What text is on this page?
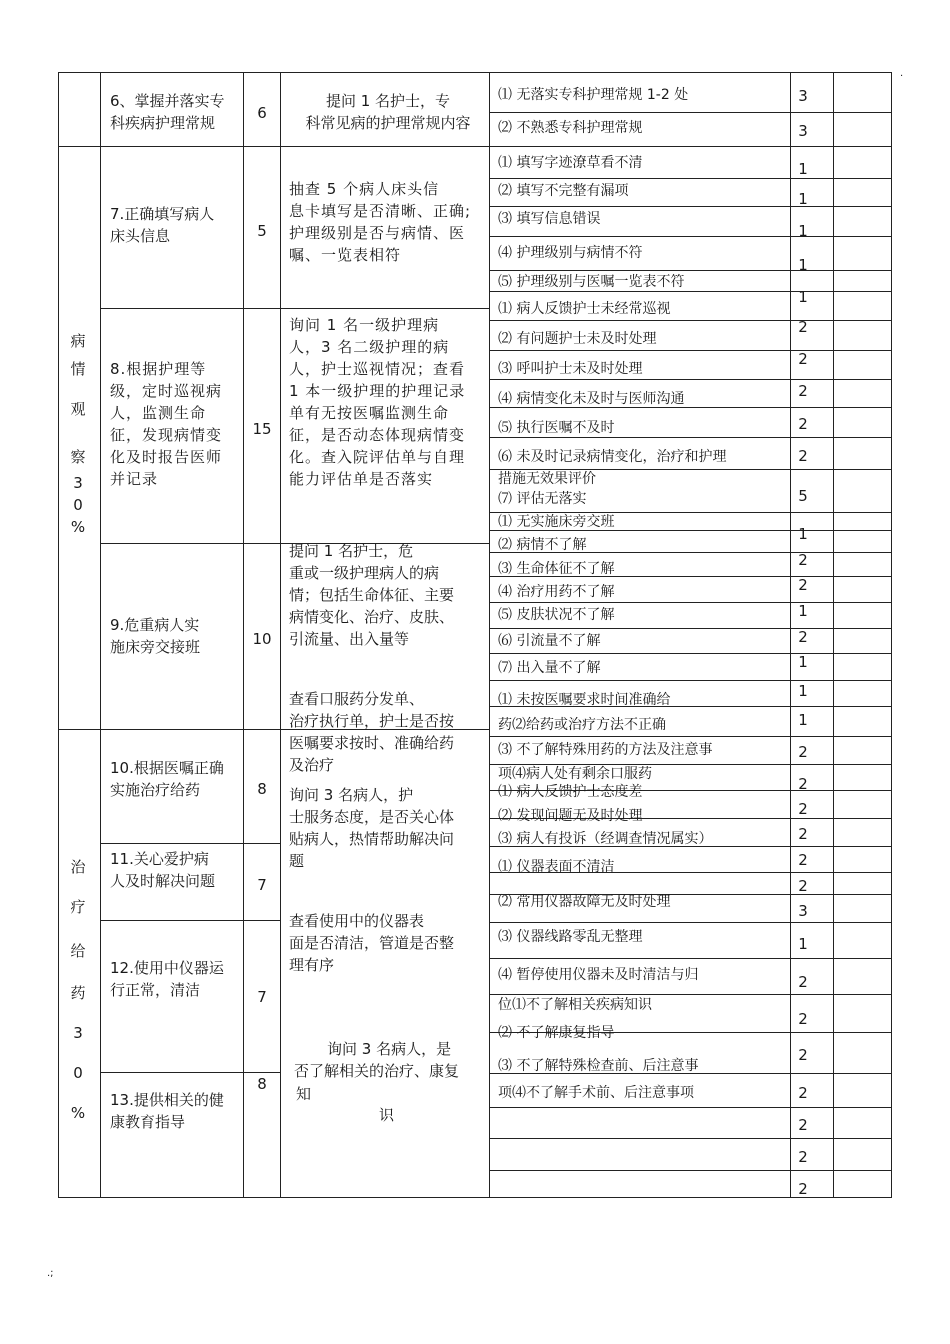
.
.;
病
情
观
察
3
0
%
治
疗
给
药
3
0
%
6、掌握并落实专
科疾病护理常规
7.正确填写病人
床头信息
8.根据护理等
级，定时巡视病
人，监测生命
征，发现病情变
化及时报告医师
并记录
9.危重病人实
施床旁交接班
10.根据医嘱正确
实施治疗给药
11.关心爱护病
人及时解决问题
12.使用中仪器运
行正常，清洁
13.提供相关的健
康教育指导
6
5
15
10
8
7
7
8
提问 1 名护士，专
科常见病的护理常规内容
抽查 5 个病人床头信
息卡填写是否清晰、正确;
护理级别是否与病情、医
嘱、一览表相符
询问 1 名一级护理病
人，3 名二级护理的病
人，护士巡视情况；查看
1 本一级护理的护理记录
单有无按医嘱监测生命
征，是否动态体现病情变
化。查入院评估单与自理
能力评估单是否落实
提问 1 名护士，危
重或一级护理病人的病
情；包括生命体征、主要
病情变化、治疗、皮肤、
引流量、出入量等
查看口服药分发单、
治疗执行单，护士是否按
医嘱要求按时、准确给药
及治疗
询问 3 名病人，护
士服务态度，是否关心体
贴病人，热情帮助解决问
题
查看使用中的仪器表
面是否清洁，管道是否整
理有序
询问 3 名病人，是
否了解相关的治疗、康复
知
识
⑴ 无落实专科护理常规 1-2 处
⑵ 不熟悉专科护理常规
⑴ 填写字迹潦草看不清
⑵ 填写不完整有漏项
⑶ 填写信息错误
⑷ 护理级别与病情不符
⑸ 护理级别与医嘱一览表不符
⑴ 病人反馈护士未经常巡视
⑵ 有问题护士未及时处理
⑶ 呼叫护士未及时处理
⑷ 病情变化未及时与医师沟通
⑸ 执行医嘱不及时
⑹ 未及时记录病情变化，治疗和护理
措施无效果评价
⑺ 评估无落实
⑴ 无实施床旁交班
⑵ 病情不了解
⑶ 生命体征不了解
⑷ 治疗用药不了解
⑸ 皮肤状况不了解
⑹ 引流量不了解
⑺ 出入量不了解
⑴ 未按医嘱要求时间准确给
药⑵给药或治疗方法不正确
⑶ 不了解特殊用药的方法及注意事
项⑷病人处有剩余口服药
⑴ 病人反馈护士态度差
⑵ 发现问题无及时处理
⑶ 病人有投诉（经调查情况属实）
⑴ 仪器表面不清洁
⑵ 常用仪器故障无及时处理
⑶ 仪器线路零乱无整理
⑷ 暂停使用仪器未及时清洁与归
位⑴不了解相关疾病知识
⑵ 不了解康复指导
⑶ 不了解特殊检查前、后注意事
项⑷不了解手术前、后注意事项
3
3
1
1
1
1
1
2
2
2
2
2
5
1
2
2
1
2
1
1
1
2
2
2
2
2
2
3
1
2
2
2
2
2
2
2
